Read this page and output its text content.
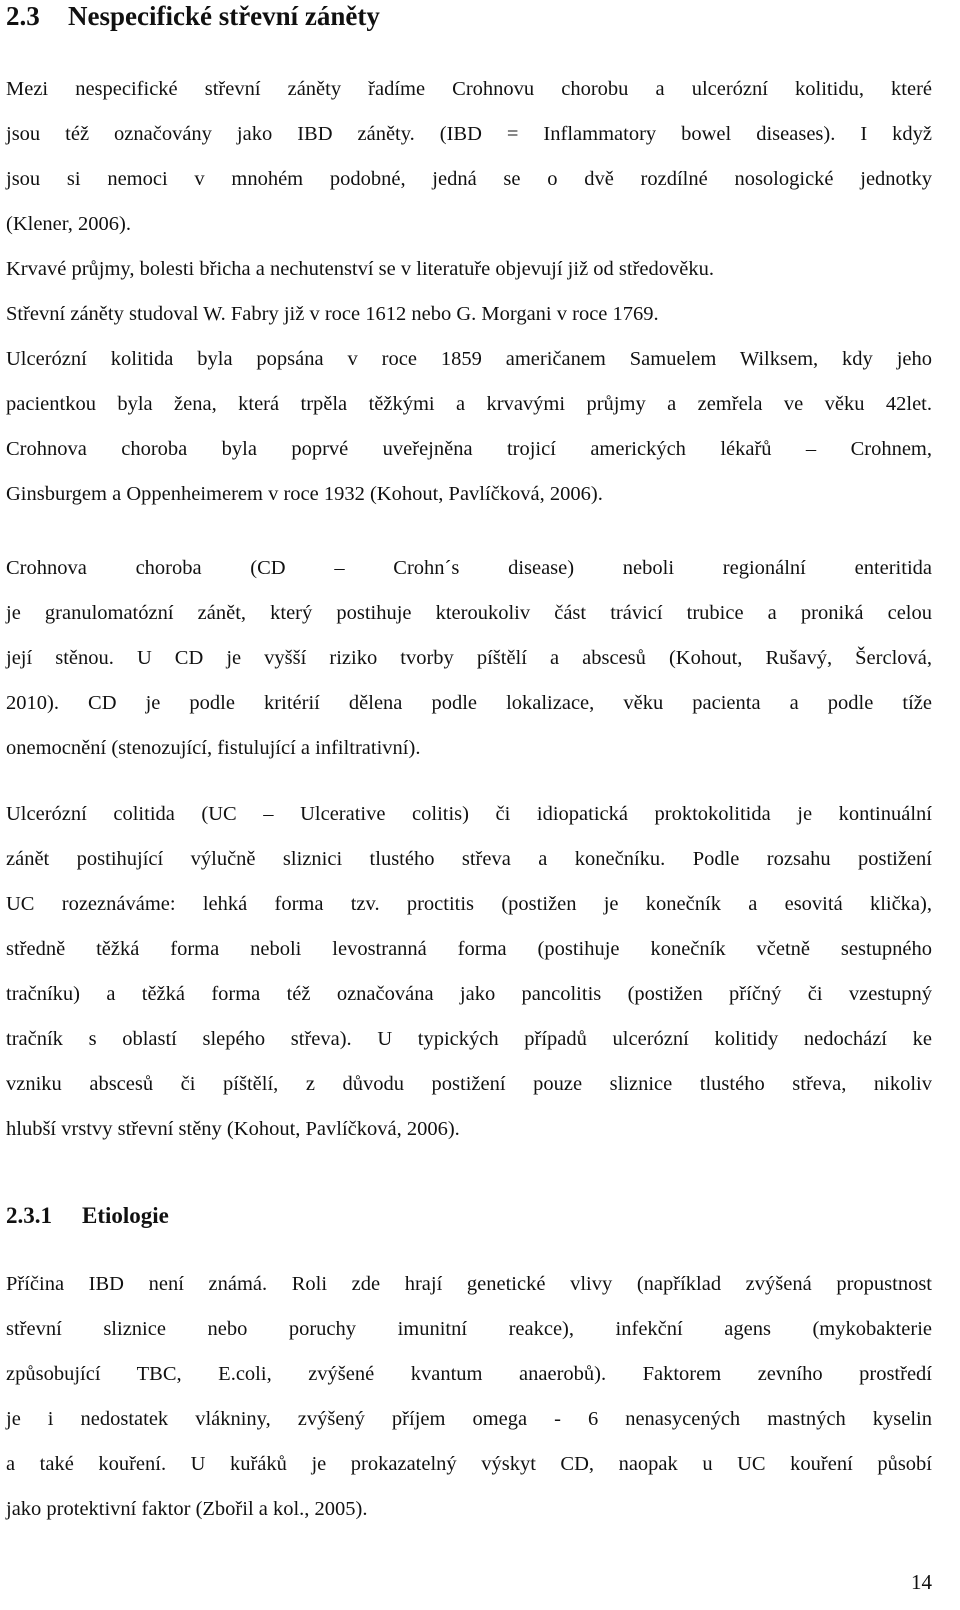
2.3 Nespecifické střevní záněty
Mezi nespecifické střevní záněty řadíme Crohnovu chorobu a ulcerózní kolitidu, které
jsou též označovány jako IBD záněty. (IBD = Inflammatory bowel diseases). I když
jsou si nemoci v mnohém podobné, jedná se o dvě rozdílné nosologické jednotky
(Klener, 2006).
Krvavé průjmy, bolesti břicha a nechutenství se v literatuře objevují již od středověku.
Střevní záněty studoval W. Fabry již v roce 1612 nebo G. Morgani v roce 1769.
Ulcerózní kolitida byla popsána v roce 1859 američanem Samuelem Wilksem, kdy jeho
pacientkou byla žena, která trpěla těžkými a krvavými průjmy a zemřela ve věku 42let.
Crohnova choroba byla poprvé uveřejněna trojicí amerických lékařů – Crohnem,
Ginsburgem a Oppenheimerem v roce 1932 (Kohout, Pavlíčková, 2006).
Crohnova choroba (CD – Crohn´s disease) neboli regionální enteritida
je granulomatózní zánět, který postihuje kteroukoliv část trávicí trubice a proniká celou
její stěnou. U CD je vyšší riziko tvorby píštělí a abscesů (Kohout, Rušavý, Šerclová,
2010). CD je podle kritérií dělena podle lokalizace, věku pacienta a podle tíže
onemocnění (stenozující, fistulující a infiltrativní).
Ulcerózní colitida (UC – Ulcerative colitis) či idiopatická proktokolitida je kontinuální
zánět postihující výlučně sliznici tlustého střeva a konečníku. Podle rozsahu postižení
UC rozeznáváme: lehká forma tzv. proctitis (postižen je konečník a esovitá klička),
středně těžká forma neboli levostranná forma (postihuje konečník včetně sestupného
tračníku) a těžká forma též označována jako pancolitis (postižen příčný či vzestupný
tračník s oblastí slepého střeva). U typických případů ulcerózní kolitidy nedochází ke
vzniku abscesů či píštělí, z důvodu postižení pouze sliznice tlustého střeva, nikoliv
hlubší vrstvy střevní stěny (Kohout, Pavlíčková, 2006).
2.3.1 Etiologie
Příčina IBD není známá. Roli zde hrají genetické vlivy (například zvýšená propustnost
střevní sliznice nebo poruchy imunitní reakce), infekční agens (mykobakterie
způsobující TBC, E.coli, zvýšené kvantum anaerobů). Faktorem zevního prostředí
je i nedostatek vlákniny, zvýšený příjem omega - 6 nenasycených mastných kyselin
a také kouření. U kuřáků je prokazatelný výskyt CD, naopak u UC kouření působí
jako protektivní faktor (Zbořil a kol., 2005).
14
